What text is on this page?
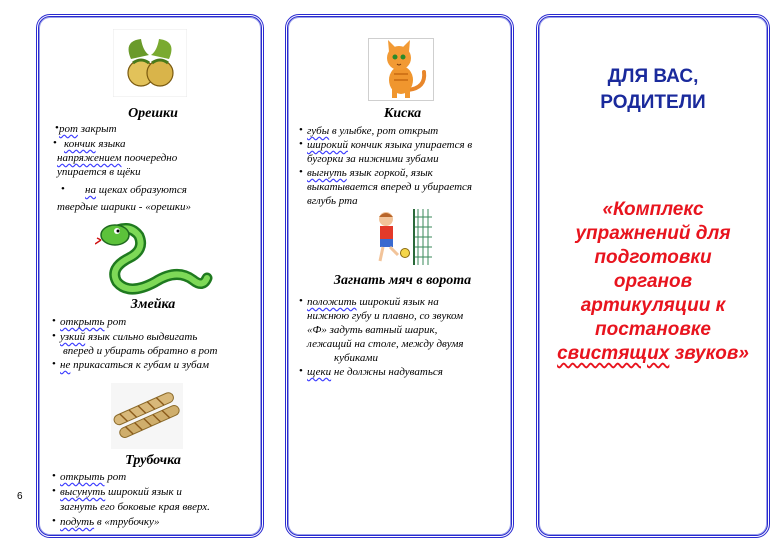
6
Орешки
• рот закрыт
• кончик языка
напряжением поочередно
упирается в щёки
• на щеках образуются
твердые шарики - «орешки»
Змейка
• открыть рот
• узкий язык сильно выдвигать
вперед и убирать обратно в рот
• не прикасаться к губам и зубам
Трубочка
• открыть рот
• высунуть широкий язык и
загнуть его боковые края вверх.
• подуть в «трубочку»
Киска
• губы в улыбке, рот открыт
• широкий кончик языка упирается в
бугорки за нижними зубами
• выгнуть язык горкой, язык
выкатывается вперед и убирается
вглубь рта
Загнать мяч в ворота
• положить широкий язык на
нижнюю губу и плавно, со звуком
«Ф» задуть ватный шарик,
лежащий на столе, между двумя
кубиками
• щеки не должны надуваться
ДЛЯ ВАС,
РОДИТЕЛИ
«Комплекс
упражнений для
подготовки
органов
артикуляции к
постановке
свистящих звуков»
